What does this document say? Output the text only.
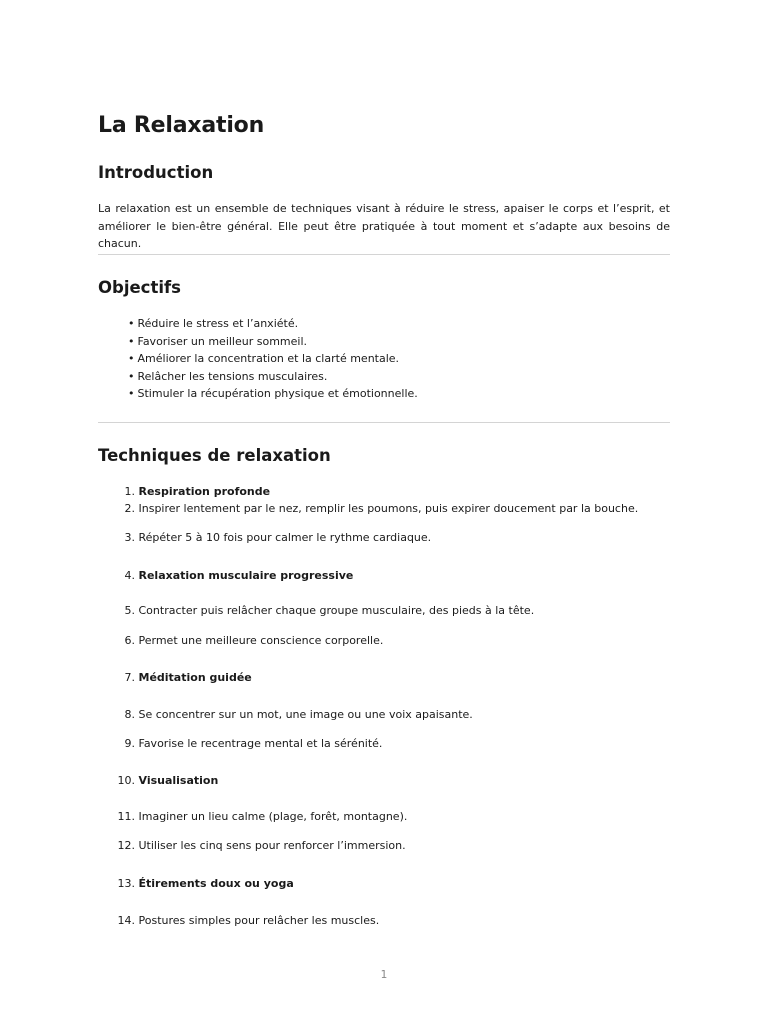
La Relaxation
Introduction

La relaxation est un ensemble de techniques visant à réduire le stress, apaiser le corps et l’esprit, et améliorer le bien-être général. Elle peut être pratiquée à tout moment et s’adapte aux besoins de chacun.

Objectifs
• Réduire le stress et l’anxiété.
• Favoriser un meilleur sommeil.
• Améliorer la concentration et la clarté mentale.
• Relâcher les tensions musculaires.
• Stimuler la récupération physique et émotionnelle.
Techniques de relaxation
1. Respiration profonde
2. Inspirer lentement par le nez, remplir les poumons, puis expirer doucement par la bouche.
3. Répéter 5 à 10 fois pour calmer le rythme cardiaque.
4. Relaxation musculaire progressive
5. Contracter puis relâcher chaque groupe musculaire, des pieds à la tête.
6. Permet une meilleure conscience corporelle.
7. Méditation guidée
8. Se concentrer sur un mot, une image ou une voix apaisante.
9. Favorise le recentrage mental et la sérénité.
10. Visualisation
11. Imaginer un lieu calme (plage, forêt, montagne).
12. Utiliser les cinq sens pour renforcer l’immersion.
13. Étirements doux ou yoga
14. Postures simples pour relâcher les muscles.
1
